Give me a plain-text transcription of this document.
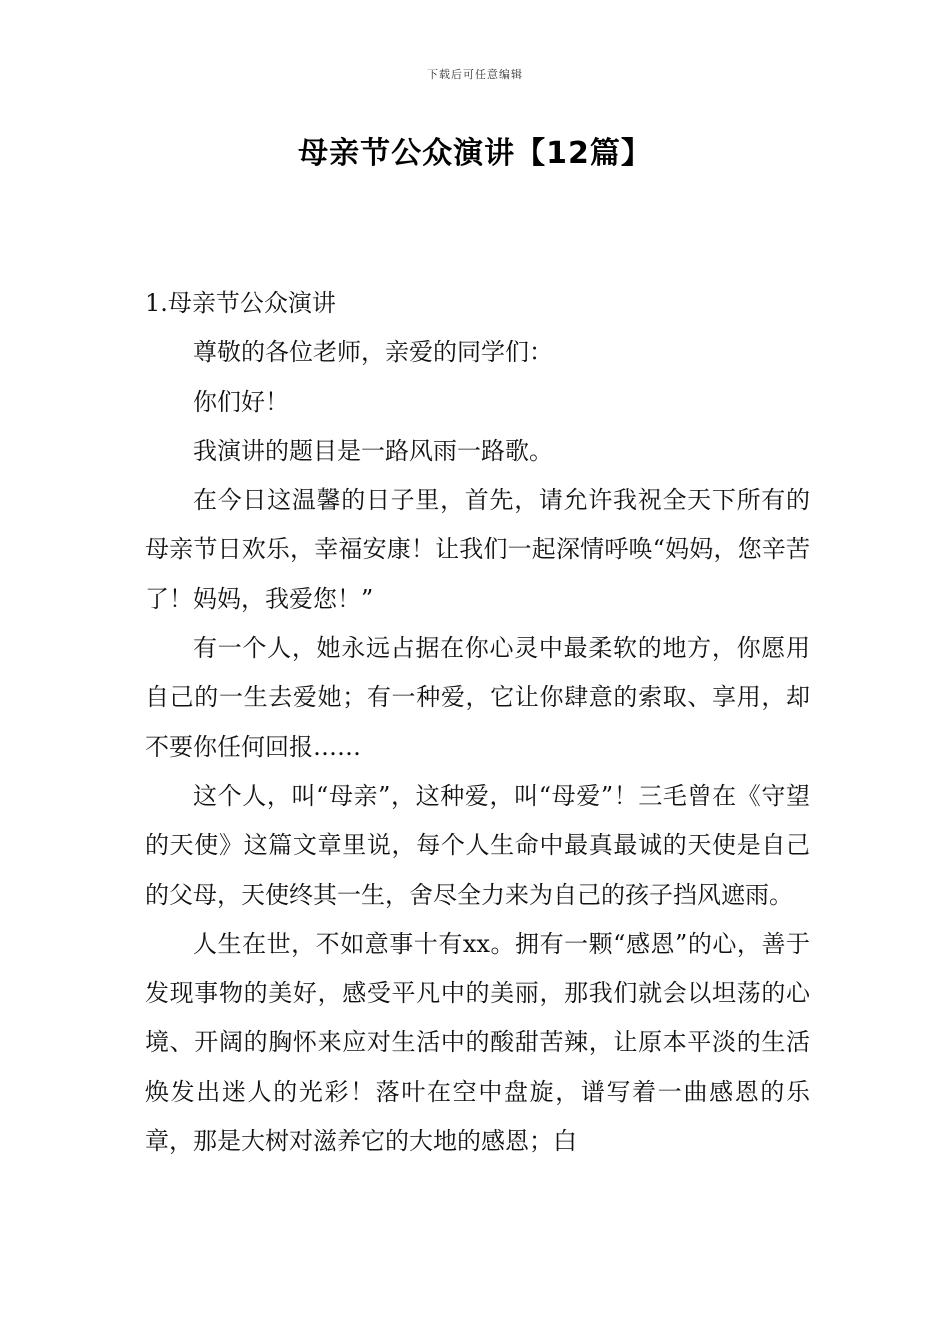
下载后可任意编辑
母亲节公众演讲【12篇】

1.母亲节公众演讲

尊敬的各位老师，亲爱的同学们：

你们好！

我演讲的题目是一路风雨一路歌。

在今日这温馨的日子里，首先，请允许我祝全天下所有的母亲节日欢乐，幸福安康！让我们一起深情呼唤“妈妈，您辛苦了！妈妈，我爱您！”

有一个人，她永远占据在你心灵中最柔软的地方，你愿用自己的一生去爱她；有一种爱，它让你肆意的索取、享用，却不要你任何回报……

这个人，叫“母亲”，这种爱，叫“母爱”！三毛曾在《守望的天使》这篇文章里说，每个人生命中最真最诚的天使是自己的父母，天使终其一生，舍尽全力来为自己的孩子挡风遮雨。

人生在世，不如意事十有xx。拥有一颗“感恩”的心，善于发现事物的美好，感受平凡中的美丽，那我们就会以坦荡的心境、开阔的胸怀来应对生活中的酸甜苦辣，让原本平淡的生活焕发出迷人的光彩！落叶在空中盘旋，谱写着一曲感恩的乐章，那是大树对滋养它的大地的感恩；白
